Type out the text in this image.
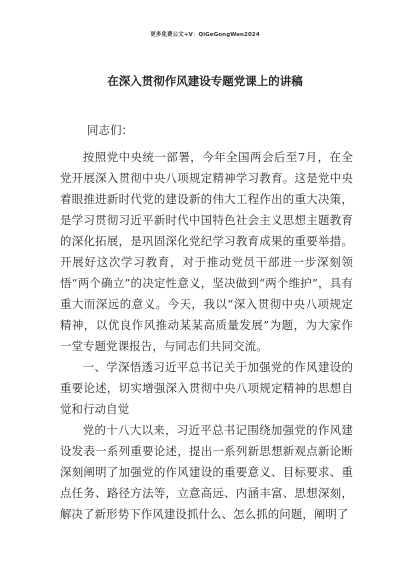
更多免费公文+V：QiGeGongWen2024
在深入贯彻作风建设专题党课上的讲稿

同志们：

按照党中央统一部署，今年全国两会后至7月，在全党开展深入贯彻中央八项规定精神学习教育。这是党中央着眼推进新时代党的建设新的伟大工程作出的重大决策，是学习贯彻习近平新时代中国特色社会主义思想主题教育的深化拓展，是巩固深化党纪学习教育成果的重要举措。开展好这次学习教育，对于推动党员干部进一步深刻领悟“两个确立”的决定性意义，坚决做到“两个维护”，具有重大而深远的意义。今天，我以“深入贯彻中央八项规定精神，以优良作风推动某某高质量发展”为题，为大家作一堂专题党课报告，与同志们共同交流。

一、学深悟透习近平总书记关于加强党的作风建设的重要论述，切实增强深入贯彻中央八项规定精神的思想自觉和行动自觉

党的十八大以来，习近平总书记围绕加强党的作风建设发表一系列重要论述，提出一系列新思想新观点新论断深刻阐明了加强党的作风建设的重要意义、目标要求、重点任务、路径方法等，立意高远、内涵丰富、思想深刻，解决了新形势下作风建设抓什么、怎么抓的问题，阐明了
